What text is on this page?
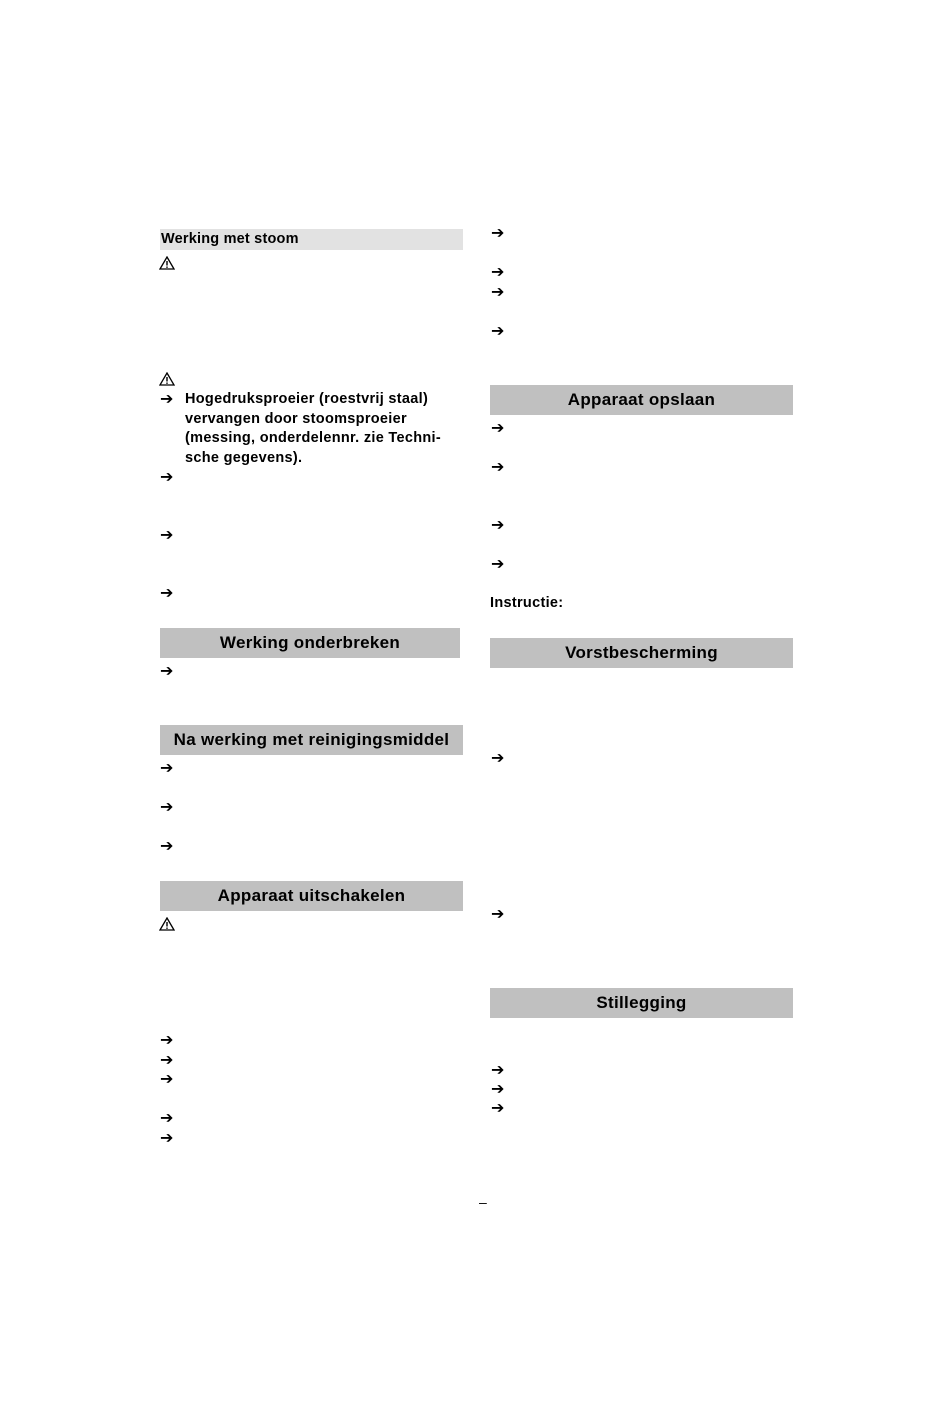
Werking met stoom
➔ Hogedruksproeier (roestvrij staal)
vervangen door stoomsproeier
(messing, onderdelennr. zie Techni-
sche gegevens).
➔
➔
➔
Werking onderbreken
➔
Na werking met reinigingsmiddel
➔
➔
➔
Apparaat uitschakelen
➔
➔
➔
➔
➔
➔
➔
➔
➔
Apparaat opslaan
➔
➔
➔
➔
Instructie:
Vorstbescherming
➔
➔
Stillegging
➔
➔
➔
–
